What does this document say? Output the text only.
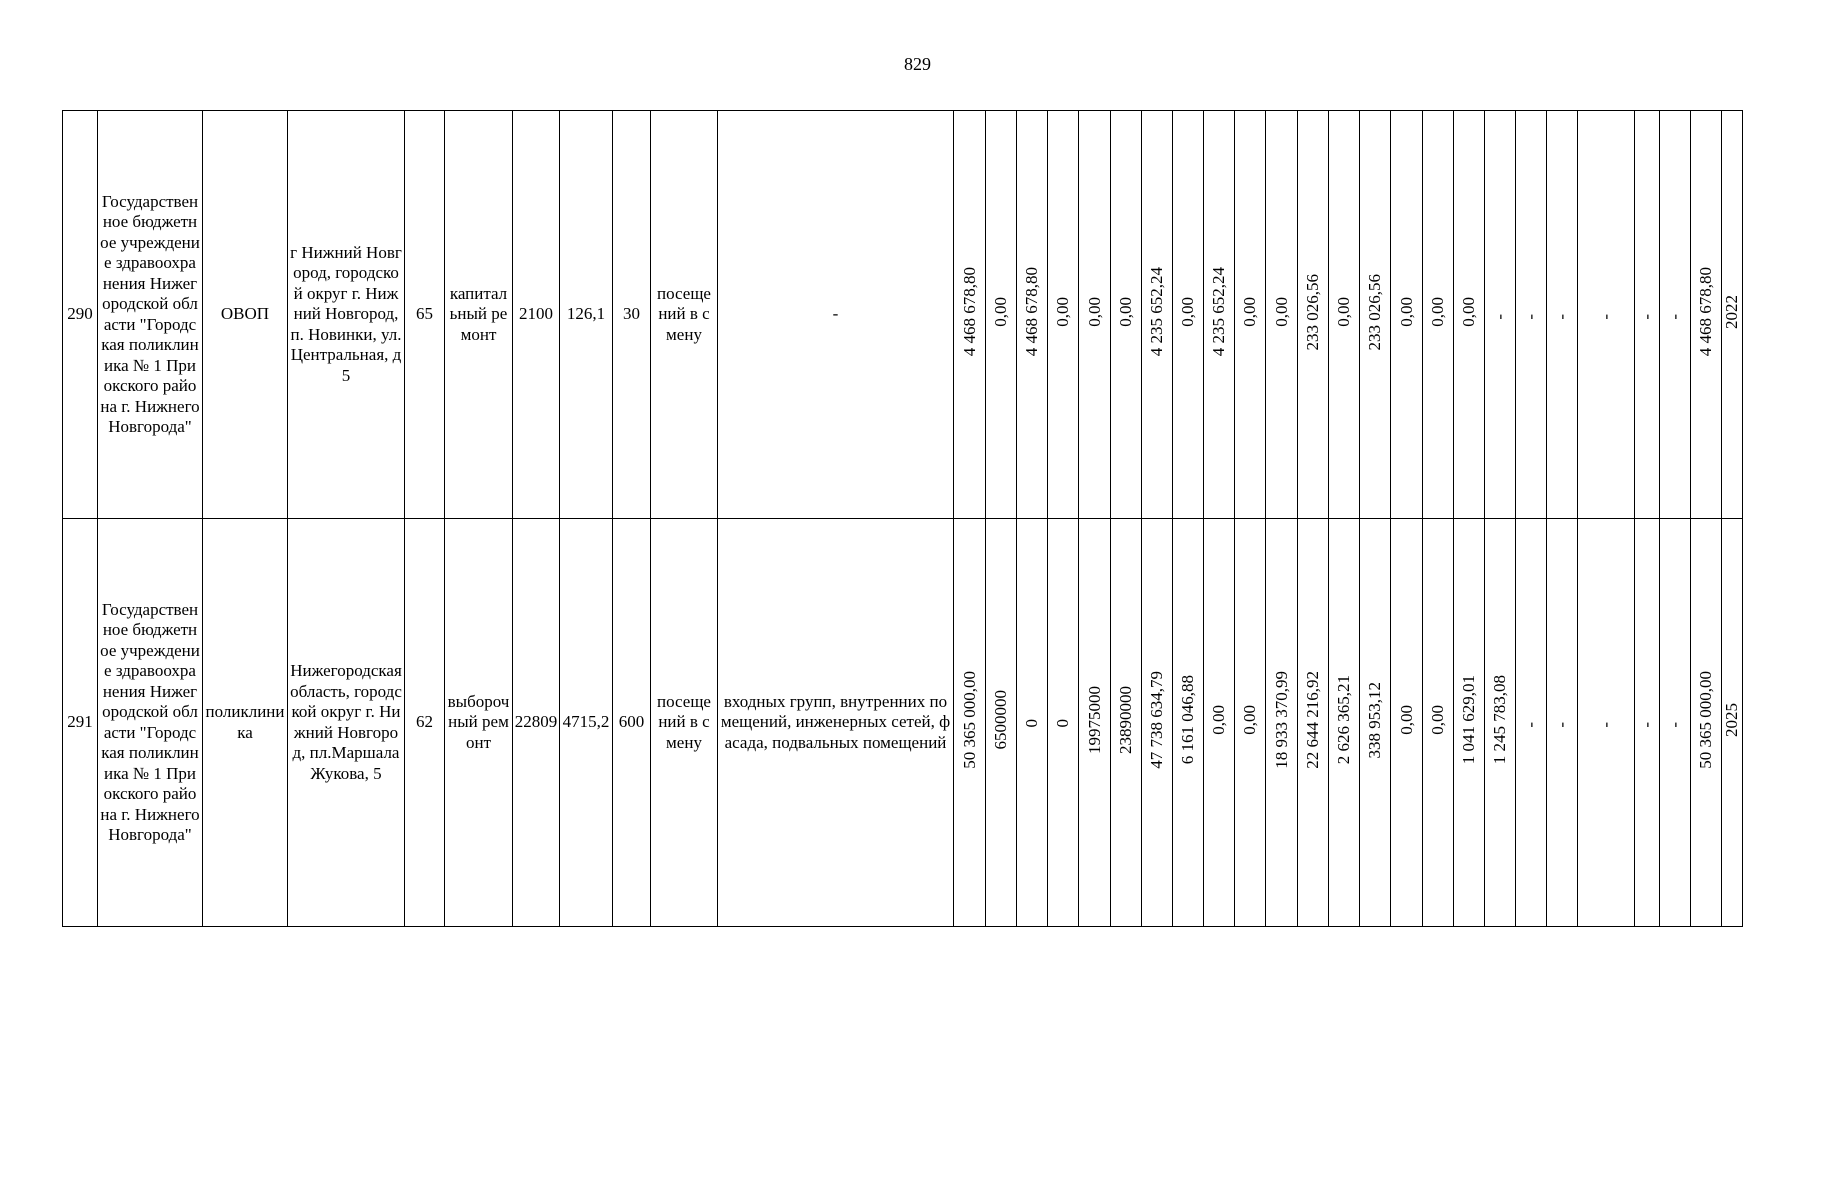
829
290	Государственное бюджетное учреждение здравоохранения Нижегородской области "Городская поликлиника № 1 Приокского района г. Нижнего Новгорода"	ОВОП	г Нижний Новгород, городской округ г. Нижний Новгород, п. Новинки, ул.Центральная, д5	65	капитальный ремонт	2100	126,1	30	посещений в смену	-	4 468 678,80	0,00	4 468 678,80	0,00	0,00	0,00	4 235 652,24	0,00	4 235 652,24	0,00	0,00	233 026,56	0,00	233 026,56	0,00	0,00	0,00	-	-	-	-	-	-	4 468 678,80	2022
291	Государственное бюджетное учреждение здравоохранения Нижегородской области "Городская поликлиника № 1 Приокского района г. Нижнего Новгорода"	поликлиника	Нижегородская область, городской округ г. Нижний Новгород, пл.Маршала Жукова, 5	62	выборочный ремонт	22809	4715,2	600	посещений в смену	входных групп, внутренних помещений, инженерных сетей, фасада, подвальных помещений	50 365 000,00	6500000	0	0	19975000	23890000	47 738 634,79	6 161 046,88	0,00	0,00	18 933 370,99	22 644 216,92	2 626 365,21	338 953,12	0,00	0,00	1 041 629,01	1 245 783,08	-	-	-	-	-	50 365 000,00	2025
